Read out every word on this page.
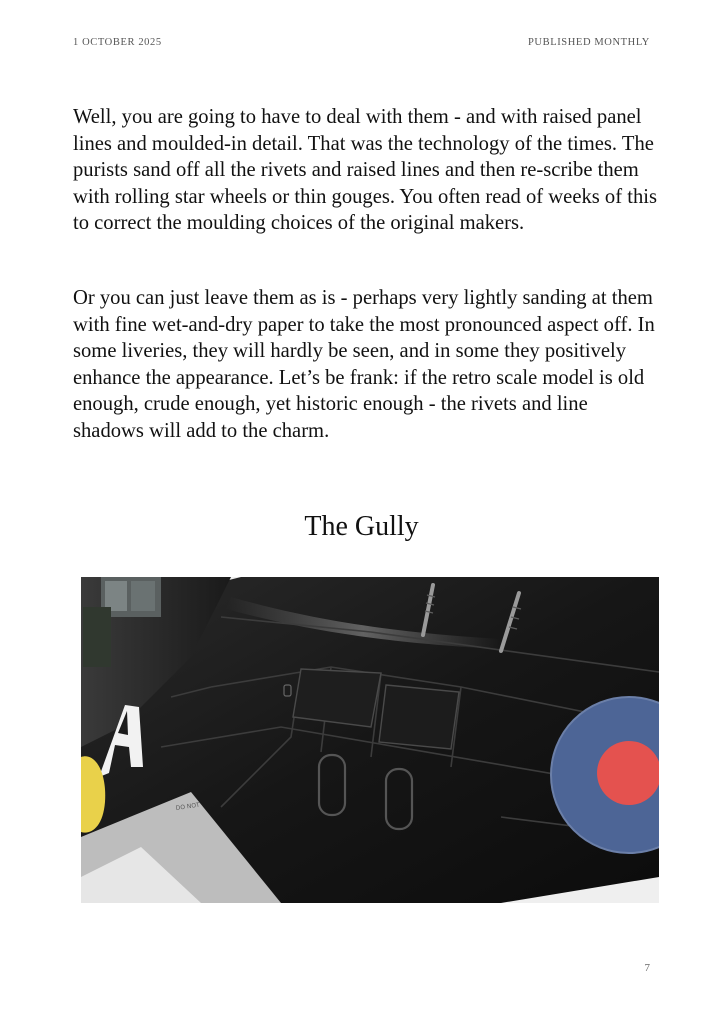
1 OCTOBER 2025	PUBLISHED MONTHLY

Well, you are going to have to deal with them - and with raised panel lines and moulded-in detail. That was the technology of the times. The purists sand off all the rivets and raised lines and then re-scribe them with rolling star wheels or thin gouges. You often read of weeks of this to correct the moulding choices of the original makers.

Or you can just leave them as is - perhaps very lightly sanding at them with fine wet-and-dry paper to take the most pronounced aspect off. In some liveries, they will hardly be seen, and in some they positively enhance the appearance. Let’s be frank: if the retro scale model is old enough, crude enough, yet historic enough - the rivets and line shadows will add to the charm.

The Gully
DO NOT
7
